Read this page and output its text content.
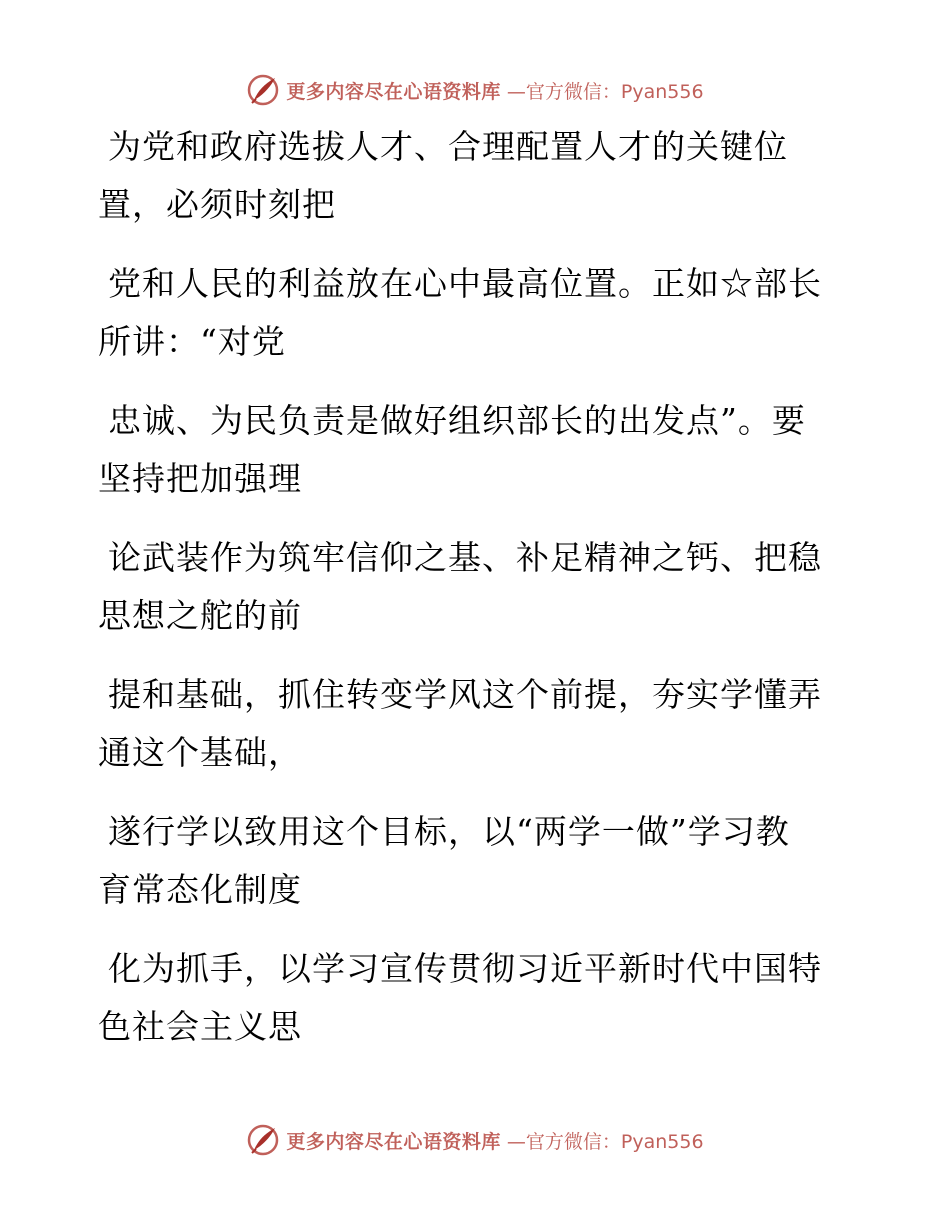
更多内容尽在心语资料库 —官方微信：Pyan556

为党和政府选拔人才、合理配置人才的关键位
置，必须时刻把

党和人民的利益放在心中最高位置。正如☆部长
所讲：“对党

忠诚、为民负责是做好组织部长的出发点”。要
坚持把加强理

论武装作为筑牢信仰之基、补足精神之钙、把稳
思想之舵的前

提和基础，抓住转变学风这个前提，夯实学懂弄
通这个基础，

遂行学以致用这个目标，以“两学一做”学习教
育常态化制度

化为抓手，以学习宣传贯彻习近平新时代中国特
色社会主义思

更多内容尽在心语资料库 —官方微信：Pyan556
